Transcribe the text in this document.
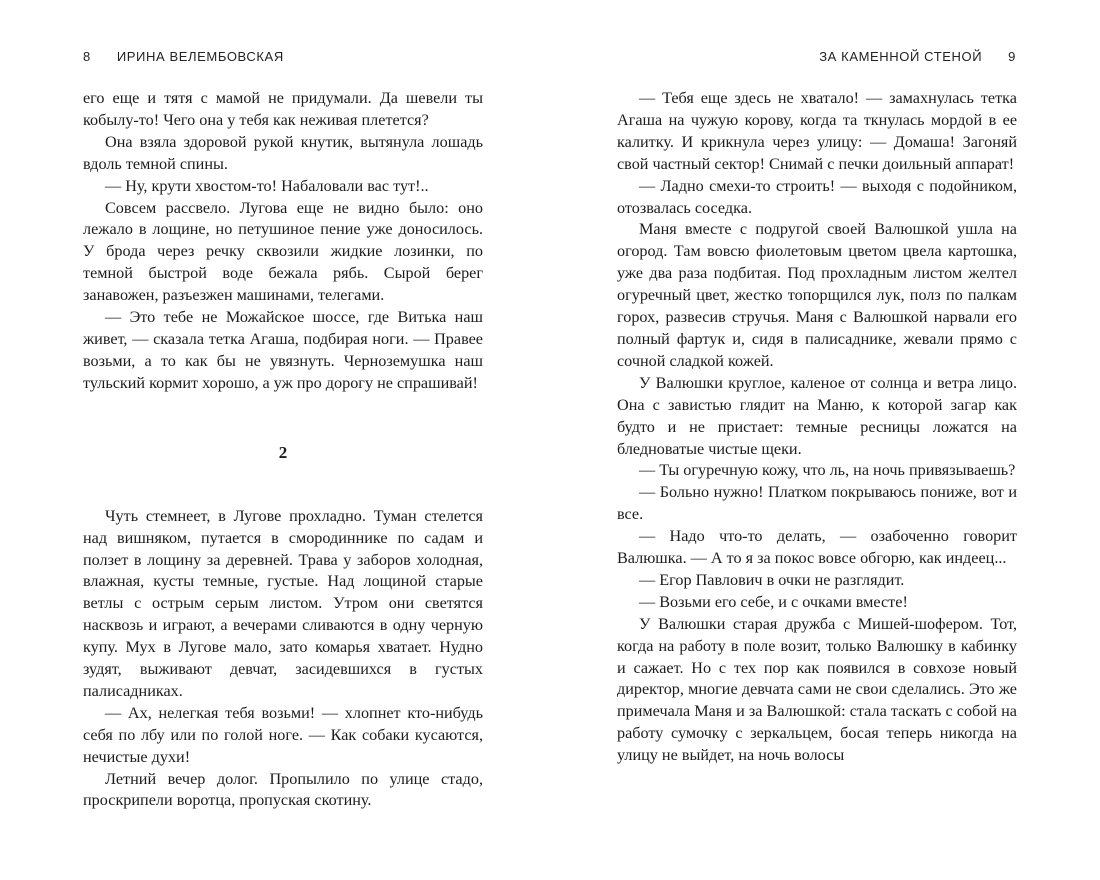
8 ИРИНА ВЕЛЕМБОВСКАЯ

его еще и тятя с мамой не придумали. Да шевели ты кобылу-то! Чего она у тебя как неживая плетется?

Она взяла здоровой рукой кнутик, вытянула лошадь вдоль темной спины.

— Ну, крути хвостом-то! Набаловали вас тут!..

Совсем рассвело. Лугова еще не видно было: оно лежало в лощине, но петушиное пение уже доносилось. У брода через речку сквозили жидкие лозинки, по темной быстрой воде бежала рябь. Сырой берег занавожен, разъезжен машинами, телегами.

— Это тебе не Можайское шоссе, где Витька наш живет, — сказала тетка Агаша, подбирая ноги. — Правее возьми, а то как бы не увязнуть. Черноземушка наш тульский кормит хорошо, а уж про дорогу не спрашивай!

2

Чуть стемнеет, в Лугове прохладно. Туман стелется над вишняком, путается в смородиннике по садам и ползет в лощину за деревней. Трава у заборов холодная, влажная, кусты темные, густые. Над лощиной старые ветлы с острым серым листом. Утром они светятся насквозь и играют, а вечерами сливаются в одну черную купу. Мух в Лугове мало, зато комарья хватает. Нудно зудят, выживают девчат, засидевшихся в густых палисадниках.

— Ах, нелегкая тебя возьми! — хлопнет кто-нибудь себя по лбу или по голой ноге. — Как собаки кусаются, нечистые духи!

Летний вечер долог. Пропылило по улице стадо, проскрипели воротца, пропуская скотину.

ЗА КАМЕННОЙ СТЕНОЙ 9

— Тебя еще здесь не хватало! — замахнулась тетка Агаша на чужую корову, когда та ткнулась мордой в ее калитку. И крикнула через улицу: — Домаша! Загоняй свой частный сектор! Снимай с печки доильный аппарат!

— Ладно смехи-то строить! — выходя с подойником, отозвалась соседка.

Маня вместе с подругой своей Валюшкой ушла на огород. Там вовсю фиолетовым цветом цвела картошка, уже два раза подбитая. Под прохладным листом желтел огуречный цвет, жестко топорщился лук, полз по палкам горох, развесив стручья. Маня с Валюшкой нарвали его полный фартук и, сидя в палисаднике, жевали прямо с сочной сладкой кожей.

У Валюшки круглое, каленое от солнца и ветра лицо. Она с завистью глядит на Маню, к которой загар как будто и не пристает: темные ресницы ложатся на бледноватые чистые щеки.

— Ты огуречную кожу, что ль, на ночь привязываешь?

— Больно нужно! Платком покрываюсь пониже, вот и все.

— Надо что-то делать, — озабоченно говорит Валюшка. — А то я за покос вовсе обгорю, как индеец...

— Егор Павлович в очки не разглядит.

— Возьми его себе, и с очками вместе!

У Валюшки старая дружба с Мишей-шофером. Тот, когда на работу в поле возит, только Валюшку в кабинку и сажает. Но с тех пор как появился в совхозе новый директор, многие девчата сами не свои сделались. Это же примечала Маня и за Валюшкой: стала таскать с собой на работу сумочку с зеркальцем, босая теперь никогда на улицу не выйдет, на ночь волосы
